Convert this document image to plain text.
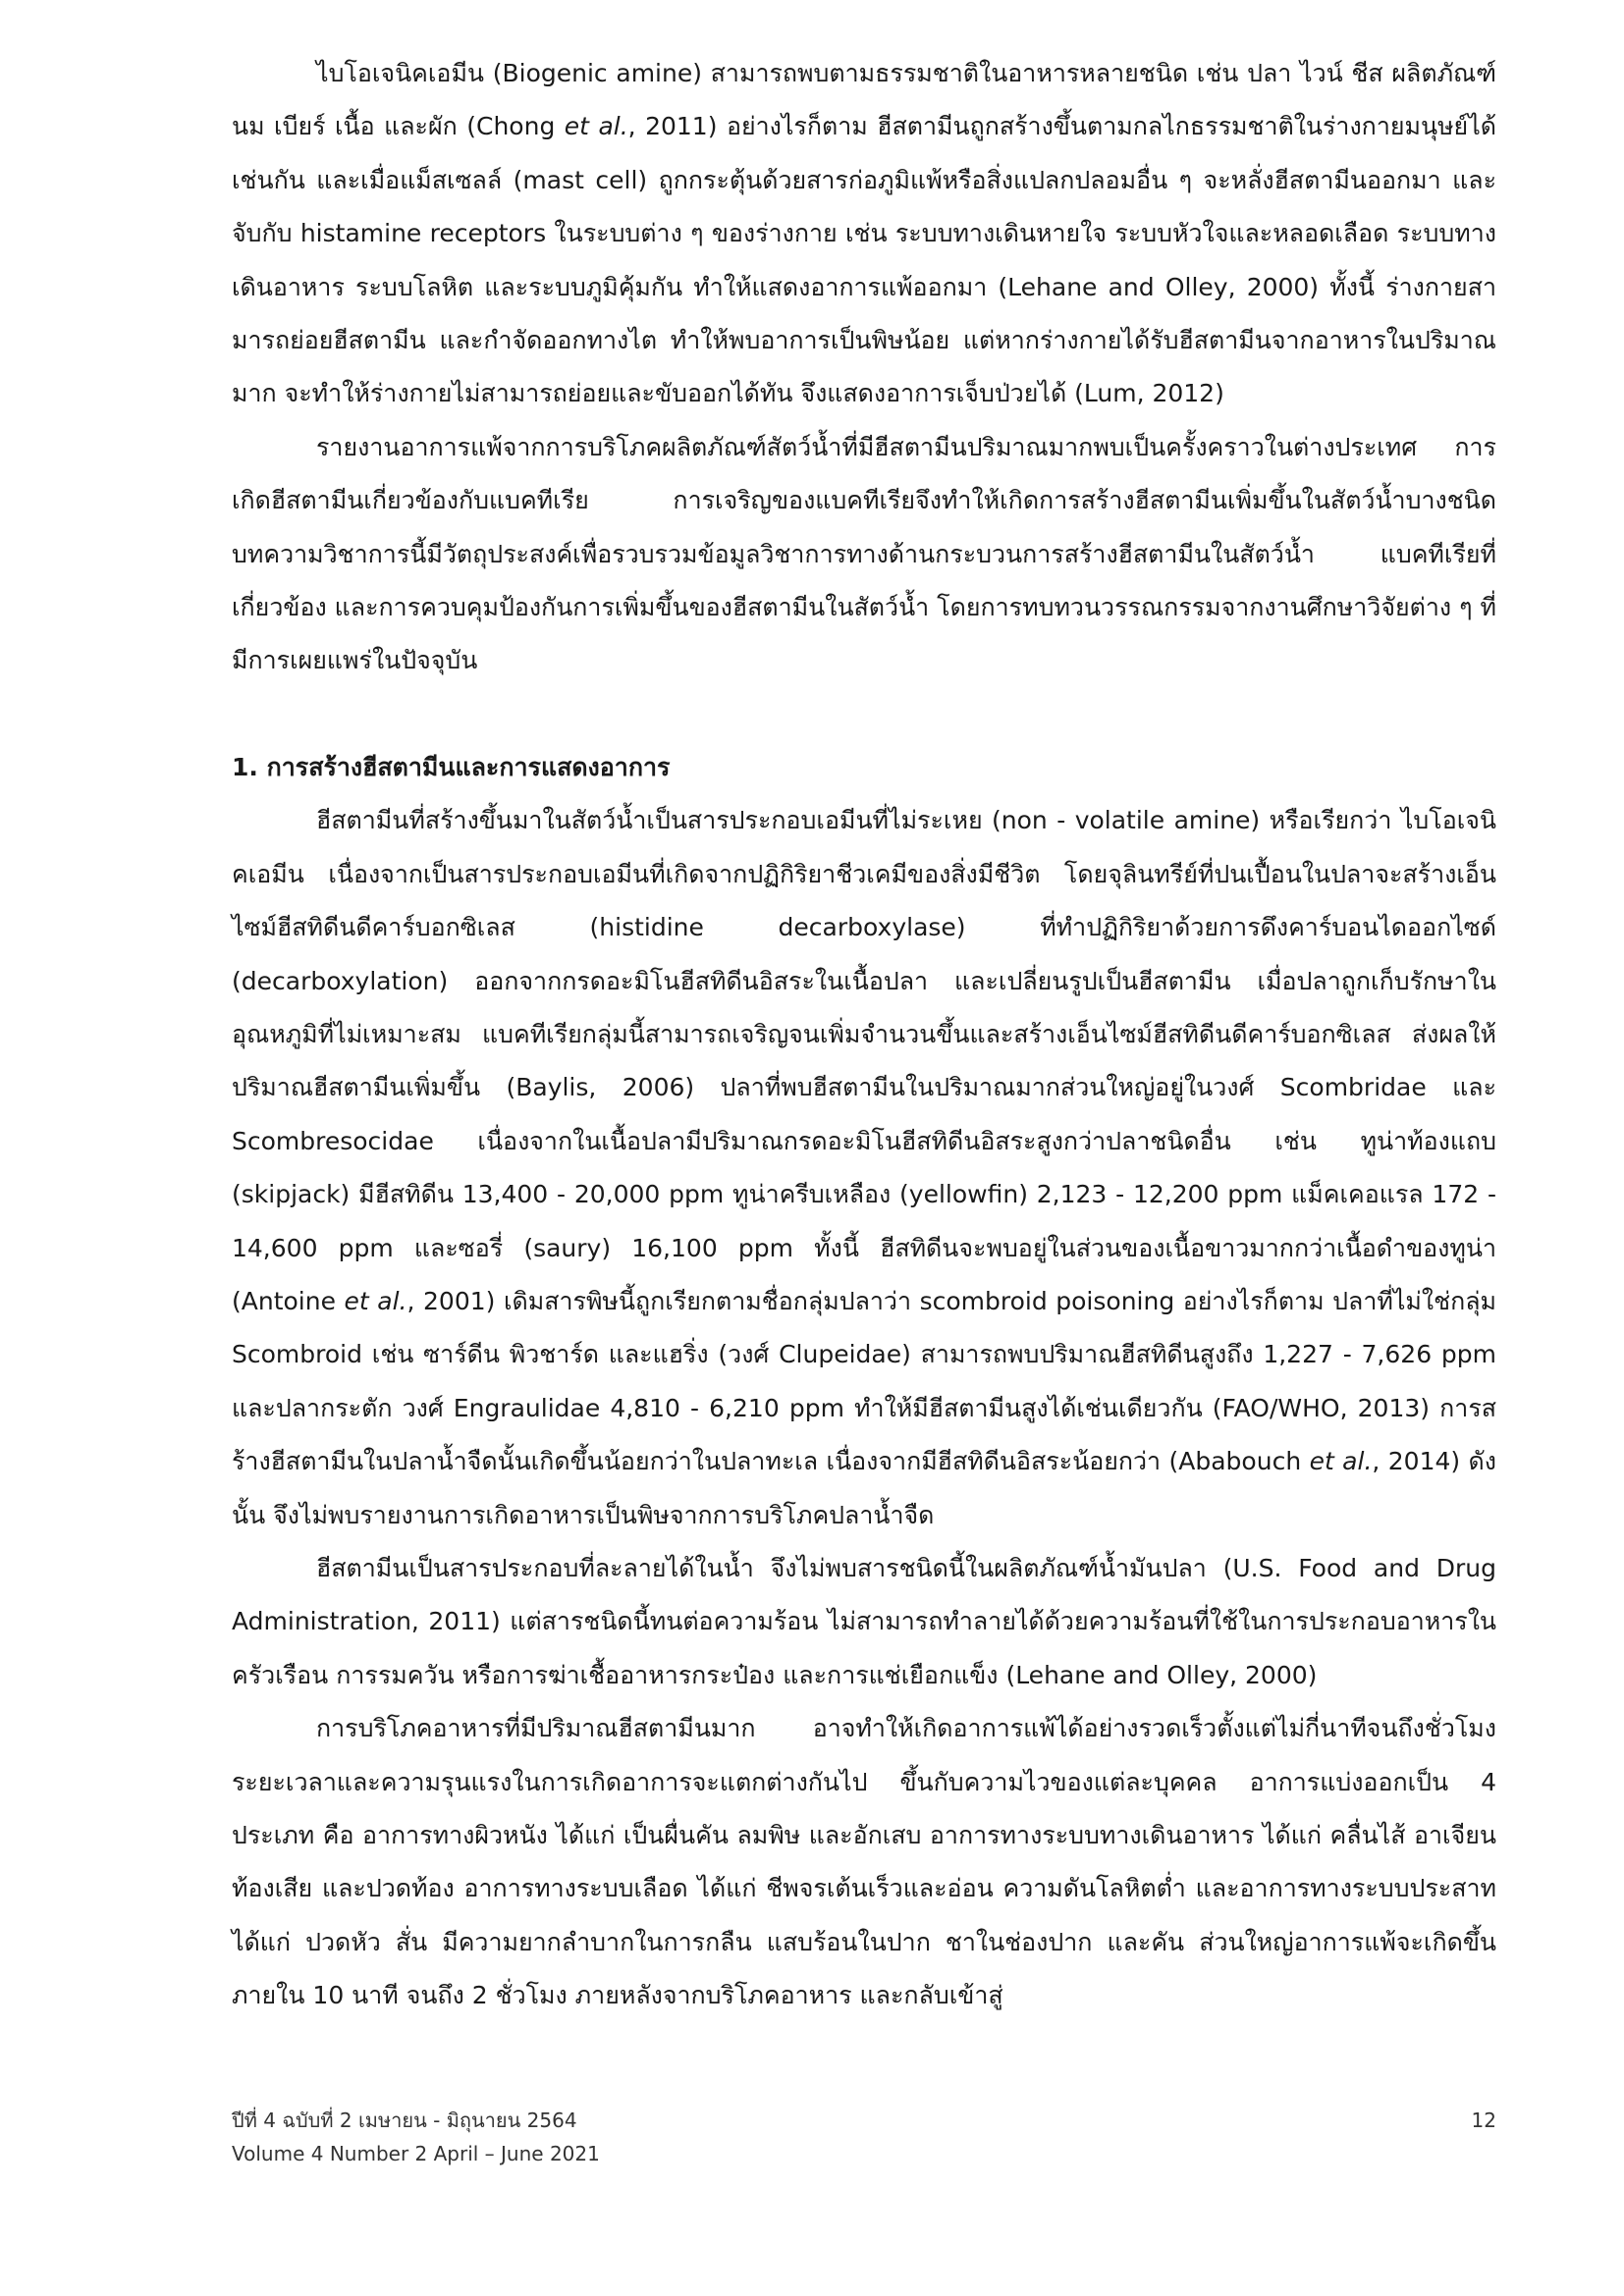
ไบโอเจนิคเอมีน (Biogenic amine) สามารถพบตามธรรมชาติในอาหารหลายชนิด เช่น ปลา ไวน์ ชีส ผลิตภัณฑ์นม เบียร์ เนื้อ และผัก (Chong et al., 2011) อย่างไรก็ตาม ฮีสตามีนถูกสร้างขึ้นตามกลไกธรรมชาติในร่างกายมนุษย์ได้เช่นกัน และเมื่อแม็สเซลล์ (mast cell) ถูกกระตุ้นด้วยสารก่อภูมิแพ้หรือสิ่งแปลกปลอมอื่น ๆ จะหลั่งฮีสตามีนออกมา และจับกับ histamine receptors ในระบบต่าง ๆ ของร่างกาย เช่น ระบบทางเดินหายใจ ระบบหัวใจและหลอดเลือด ระบบทางเดินอาหาร ระบบโลหิต และระบบภูมิคุ้มกัน ทำให้แสดงอาการแพ้ออกมา (Lehane and Olley, 2000) ทั้งนี้ ร่างกายสามารถย่อยฮีสตามีน และกำจัดออกทางไต ทำให้พบอาการเป็นพิษน้อย แต่หากร่างกายได้รับฮีสตามีนจากอาหารในปริมาณมาก จะทำให้ร่างกายไม่สามารถย่อยและขับออกได้ทัน จึงแสดงอาการเจ็บป่วยได้ (Lum, 2012)

รายงานอาการแพ้จากการบริโภคผลิตภัณฑ์สัตว์น้ำที่มีฮีสตามีนปริมาณมากพบเป็นครั้งคราวในต่างประเทศ การเกิดฮีสตามีนเกี่ยวข้องกับแบคทีเรีย การเจริญของแบคทีเรียจึงทำให้เกิดการสร้างฮีสตามีนเพิ่มขึ้นในสัตว์น้ำบางชนิด บทความวิชาการนี้มีวัตถุประสงค์เพื่อรวบรวมข้อมูลวิชาการทางด้านกระบวนการสร้างฮีสตามีนในสัตว์น้ำ แบคทีเรียที่เกี่ยวข้อง และการควบคุมป้องกันการเพิ่มขึ้นของฮีสตามีนในสัตว์น้ำ โดยการทบทวนวรรณกรรมจากงานศึกษาวิจัยต่าง ๆ ที่มีการเผยแพร่ในปัจจุบัน

1. การสร้างฮีสตามีนและการแสดงอาการ

ฮีสตามีนที่สร้างขึ้นมาในสัตว์น้ำเป็นสารประกอบเอมีนที่ไม่ระเหย (non - volatile amine) หรือเรียกว่า ไบโอเจนิคเอมีน เนื่องจากเป็นสารประกอบเอมีนที่เกิดจากปฏิกิริยาชีวเคมีของสิ่งมีชีวิต โดยจุลินทรีย์ที่ปนเปื้อนในปลาจะสร้างเอ็นไซม์ฮีสทิดีนดีคาร์บอกซิเลส (histidine decarboxylase) ที่ทำปฏิกิริยาด้วยการดึงคาร์บอนไดออกไซด์ (decarboxylation) ออกจากกรดอะมิโนฮีสทิดีนอิสระในเนื้อปลา และเปลี่ยนรูปเป็นฮีสตามีน เมื่อปลาถูกเก็บรักษาในอุณหภูมิที่ไม่เหมาะสม แบคทีเรียกลุ่มนี้สามารถเจริญจนเพิ่มจำนวนขึ้นและสร้างเอ็นไซม์ฮีสทิดีนดีคาร์บอกซิเลส ส่งผลให้ปริมาณฮีสตามีนเพิ่มขึ้น (Baylis, 2006) ปลาที่พบฮีสตามีนในปริมาณมากส่วนใหญ่อยู่ในวงศ์ Scombridae และ Scombresocidae เนื่องจากในเนื้อปลามีปริมาณกรดอะมิโนฮีสทิดีนอิสระสูงกว่าปลาชนิดอื่น เช่น ทูน่าท้องแถบ (skipjack) มีฮีสทิดีน 13,400 - 20,000 ppm ทูน่าครีบเหลือง (yellowfin) 2,123 - 12,200 ppm แม็คเคอแรล 172 - 14,600 ppm และซอรี่ (saury) 16,100 ppm ทั้งนี้ ฮีสทิดีนจะพบอยู่ในส่วนของเนื้อขาวมากกว่าเนื้อดำของทูน่า (Antoine et al., 2001) เดิมสารพิษนี้ถูกเรียกตามชื่อกลุ่มปลาว่า scombroid poisoning อย่างไรก็ตาม ปลาที่ไม่ใช่กลุ่ม Scombroid เช่น ซาร์ดีน พิวชาร์ด และแฮริ่ง (วงศ์ Clupeidae) สามารถพบปริมาณฮีสทิดีนสูงถึง 1,227 - 7,626 ppm และปลากระตัก วงศ์ Engraulidae 4,810 - 6,210 ppm ทำให้มีฮีสตามีนสูงได้เช่นเดียวกัน (FAO/WHO, 2013) การสร้างฮีสตามีนในปลาน้ำจืดนั้นเกิดขึ้นน้อยกว่าในปลาทะเล เนื่องจากมีฮีสทิดีนอิสระน้อยกว่า (Ababouch et al., 2014) ดังนั้น จึงไม่พบรายงานการเกิดอาหารเป็นพิษจากการบริโภคปลาน้ำจืด

ฮีสตามีนเป็นสารประกอบที่ละลายได้ในน้ำ จึงไม่พบสารชนิดนี้ในผลิตภัณฑ์น้ำมันปลา (U.S. Food and Drug Administration, 2011) แต่สารชนิดนี้ทนต่อความร้อน ไม่สามารถทำลายได้ด้วยความร้อนที่ใช้ในการประกอบอาหารในครัวเรือน การรมควัน หรือการฆ่าเชื้ออาหารกระป๋อง และการแช่เยือกแข็ง (Lehane and Olley, 2000)

การบริโภคอาหารที่มีปริมาณฮีสตามีนมาก อาจทำให้เกิดอาการแพ้ได้อย่างรวดเร็วตั้งแต่ไม่กี่นาทีจนถึงชั่วโมง ระยะเวลาและความรุนแรงในการเกิดอาการจะแตกต่างกันไป ขึ้นกับความไวของแต่ละบุคคล อาการแบ่งออกเป็น 4 ประเภท คือ อาการทางผิวหนัง ได้แก่ เป็นผื่นคัน ลมพิษ และอักเสบ อาการทางระบบทางเดินอาหาร ได้แก่ คลื่นไส้ อาเจียน ท้องเสีย และปวดท้อง อาการทางระบบเลือด ได้แก่ ชีพจรเต้นเร็วและอ่อน ความดันโลหิตต่ำ และอาการทางระบบประสาท ได้แก่ ปวดหัว สั่น มีความยากลำบากในการกลืน แสบร้อนในปาก ชาในช่องปาก และคัน ส่วนใหญ่อาการแพ้จะเกิดขึ้นภายใน 10 นาที จนถึง 2 ชั่วโมง ภายหลังจากบริโภคอาหาร และกลับเข้าสู่

ปีที่ 4 ฉบับที่ 2 เมษายน - มิถุนายน 2564
Volume 4 Number 2 April – June 2021
12
